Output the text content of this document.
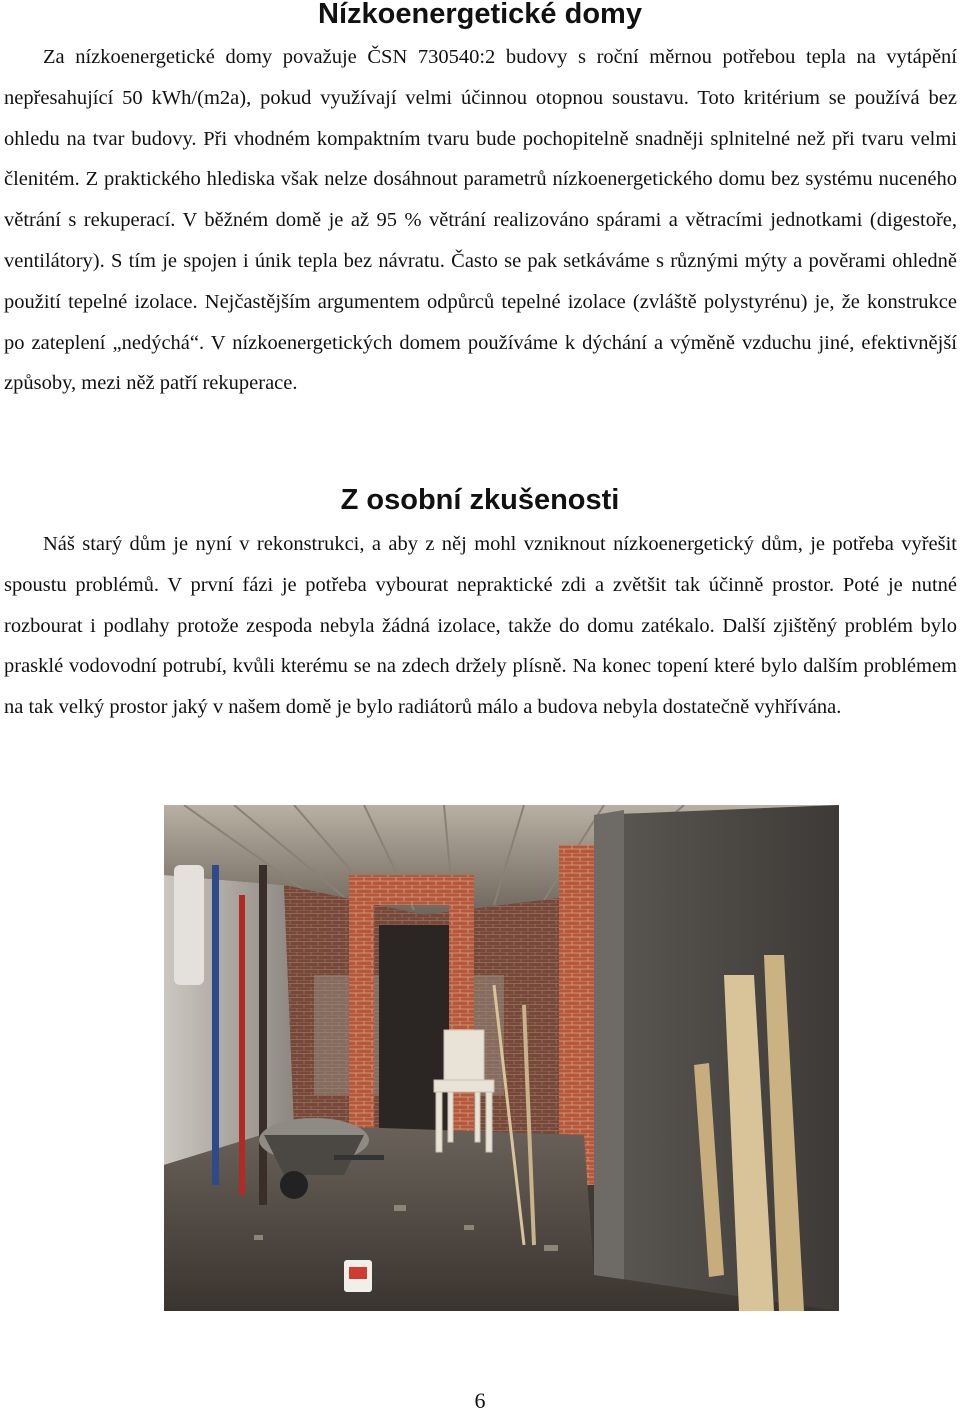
Nízkoenergetické domy

Za nízkoenergetické domy považuje ČSN 730540:2 budovy s roční měrnou potřebou tepla na vytápění nepřesahující 50 kWh/(m2a), pokud využívají velmi účinnou otopnou soustavu. Toto kritérium se používá bez ohledu na tvar budovy. Při vhodném kompaktním tvaru bude pochopitelně snadněji splnitelné než při tvaru velmi členitém. Z praktického hlediska však nelze dosáhnout parametrů nízkoenergetického domu bez systému nuceného větrání s rekuperací. V běžném domě je až 95 % větrání realizováno spárami a větracími jednotkami (digestoře, ventilátory). S tím je spojen i únik tepla bez návratu. Často se pak setkáváme s různými mýty a pověrami ohledně použití tepelné izolace. Nejčastějším argumentem odpůrců tepelné izolace (zvláště polystyrénu) je, že konstrukce po zateplení „nedýchá“. V nízkoenergetických domem používáme k dýchání a výměně vzduchu jiné, efektivnější způsoby, mezi něž patří rekuperace.

Z osobní zkušenosti

Náš starý dům je nyní v rekonstrukci, a aby z něj mohl vzniknout nízkoenergetický dům, je potřeba vyřešit spoustu problémů. V první fázi je potřeba vybourat nepraktické zdi a zvětšit tak účinně prostor. Poté je nutné rozbourat i podlahy protože zespoda nebyla žádná izolace, takže do domu zatékalo. Další zjištěný problém bylo prasklé vodovodní potrubí, kvůli kterému se na zdech držely plísně. Na konec topení které bylo dalším problémem na tak velký prostor jaký v našem domě je bylo radiátorů málo a budova nebyla dostatečně vyhřívána.

6
